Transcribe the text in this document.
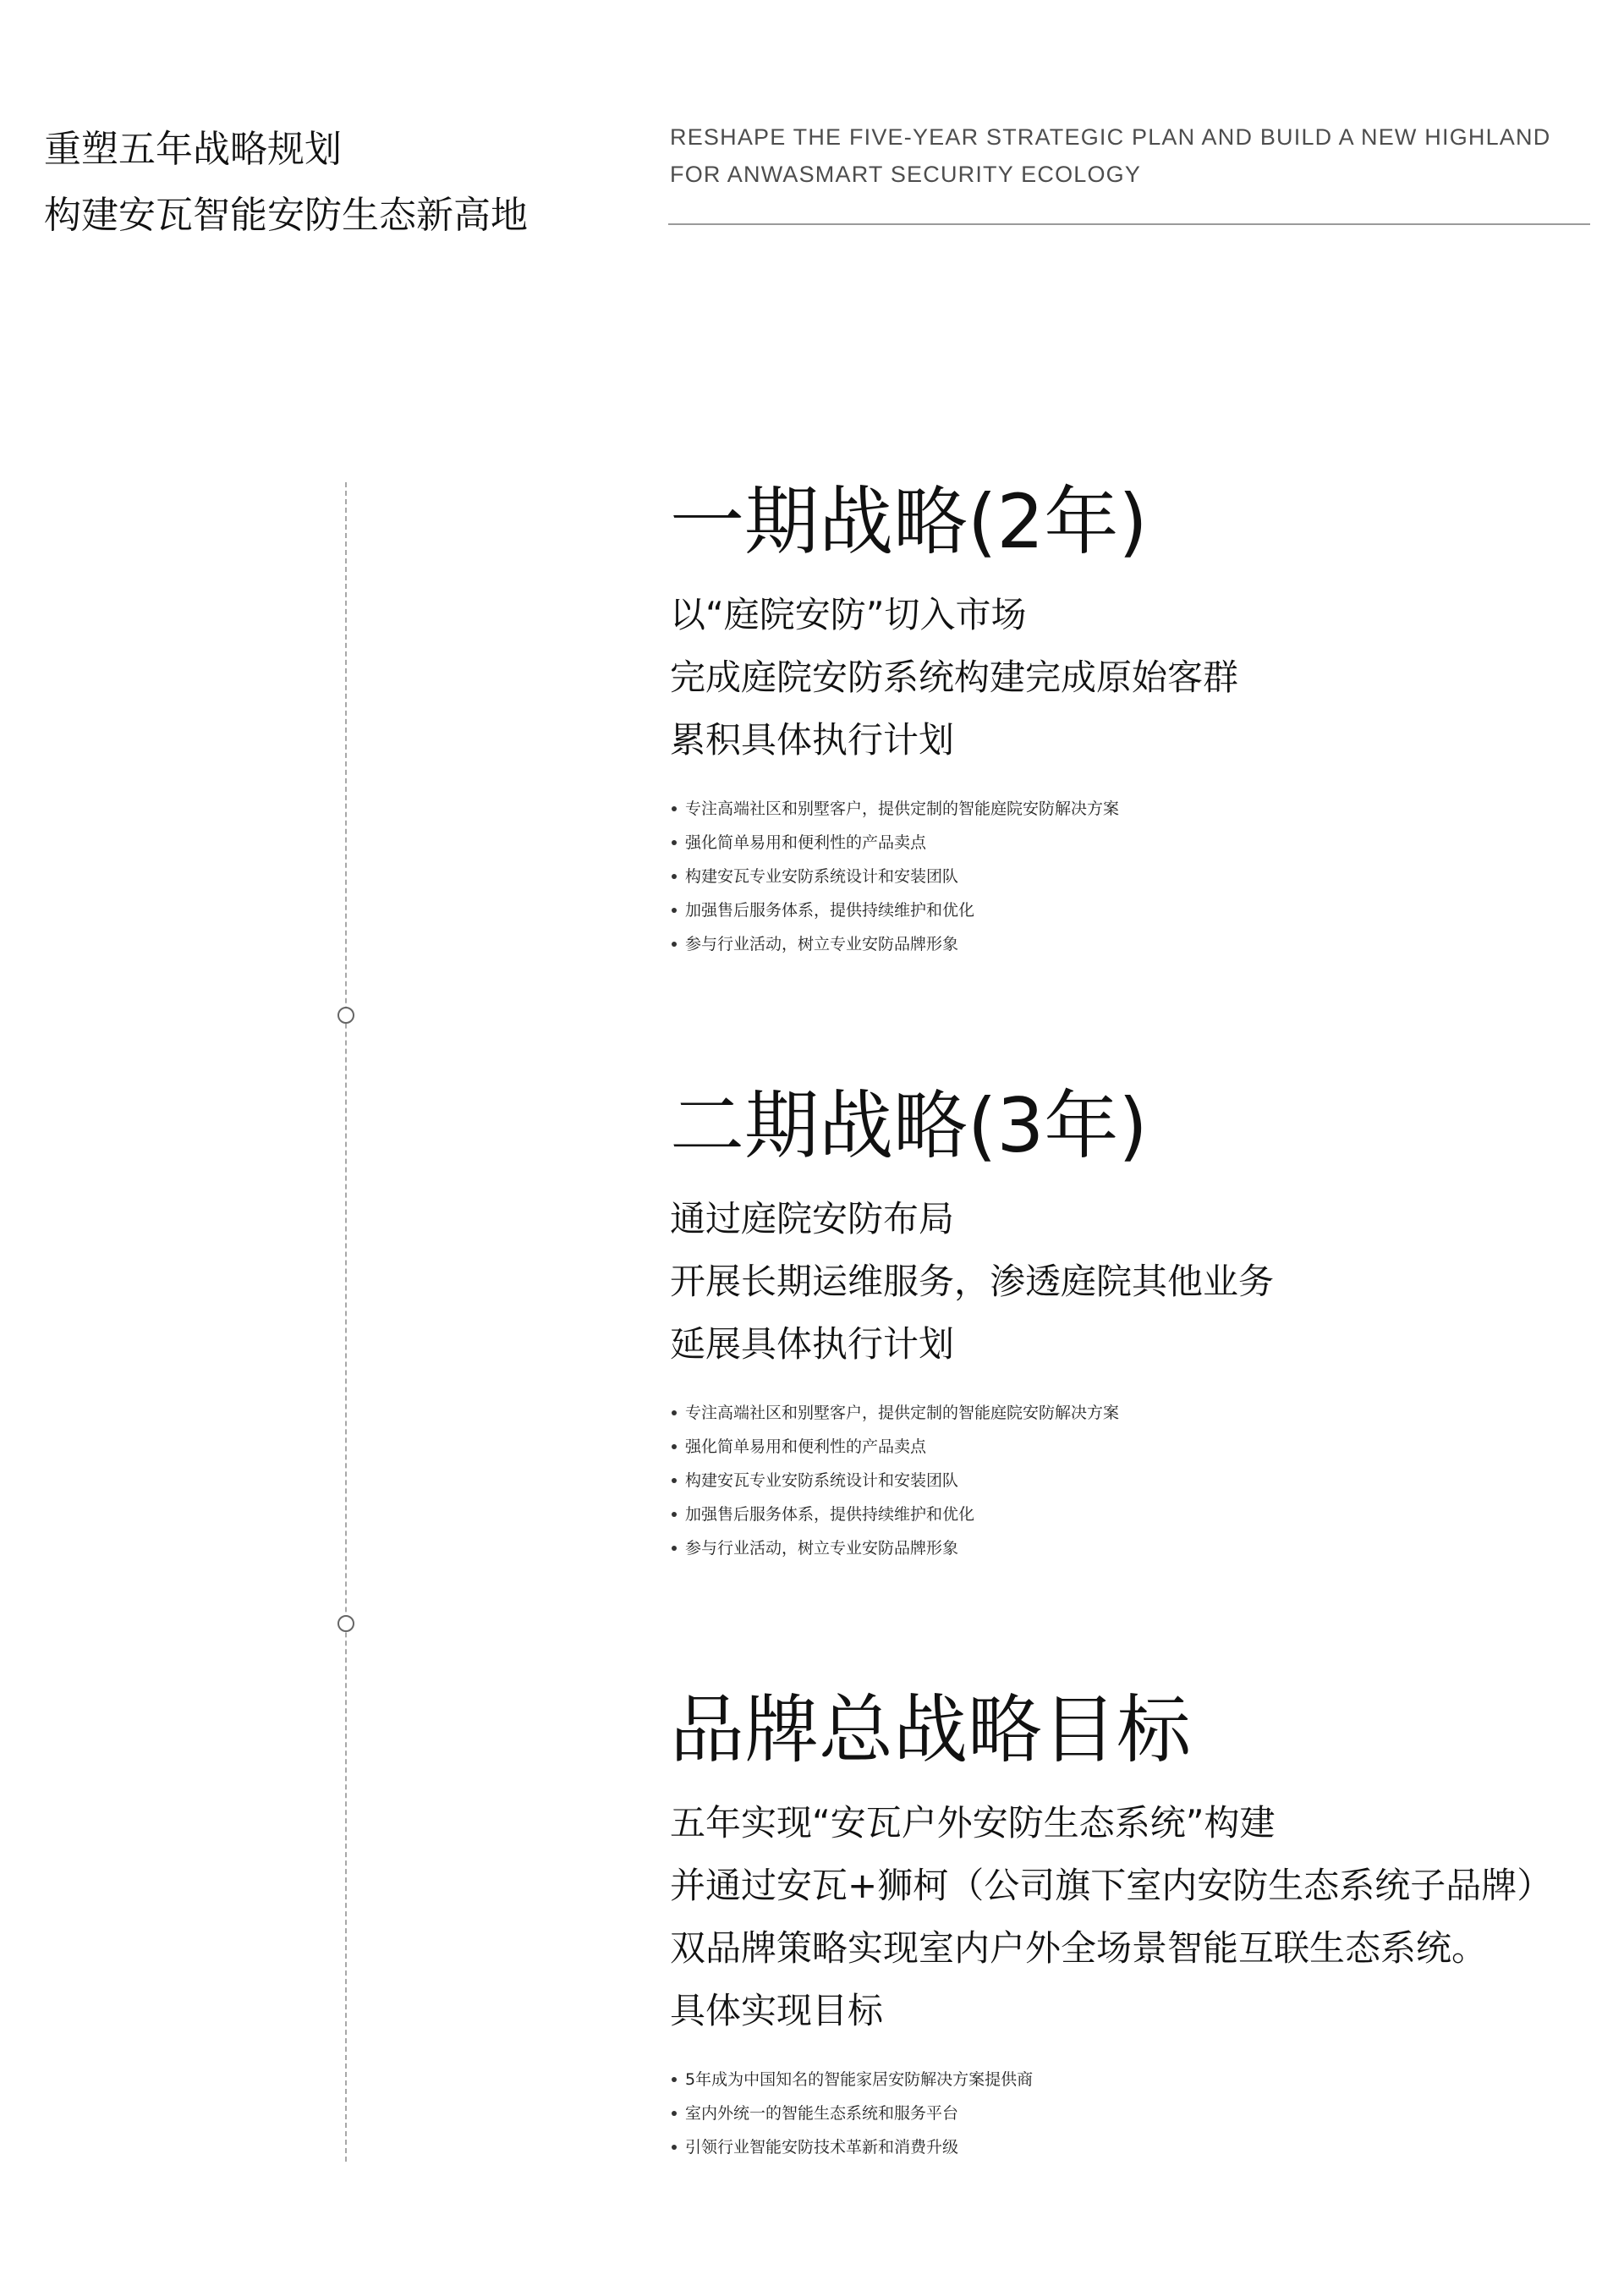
重塑五年战略规划
构建安瓦智能安防生态新高地
RESHAPE THE FIVE-YEAR STRATEGIC PLAN AND BUILD A NEW HIGHLAND
FOR ANWASMART SECURITY ECOLOGY
一期战略(2年)
以“庭院安防”切入市场
完成庭院安防系统构建完成原始客群
累积具体执行计划
专注高端社区和别墅客户，提供定制的智能庭院安防解决方案
强化简单易用和便利性的产品卖点
构建安瓦专业安防系统设计和安装团队
加强售后服务体系，提供持续维护和优化
参与行业活动，树立专业安防品牌形象
二期战略(3年)
通过庭院安防布局
开展长期运维服务，渗透庭院其他业务
延展具体执行计划
专注高端社区和别墅客户，提供定制的智能庭院安防解决方案
强化简单易用和便利性的产品卖点
构建安瓦专业安防系统设计和安装团队
加强售后服务体系，提供持续维护和优化
参与行业活动，树立专业安防品牌形象
品牌总战略目标
五年实现“安瓦户外安防生态系统”构建
并通过安瓦+狮柯（公司旗下室内安防生态系统子品牌）
双品牌策略实现室内户外全场景智能互联生态系统。
具体实现目标
5年成为中国知名的智能家居安防解决方案提供商
室内外统一的智能生态系统和服务平台
引领行业智能安防技术革新和消费升级
